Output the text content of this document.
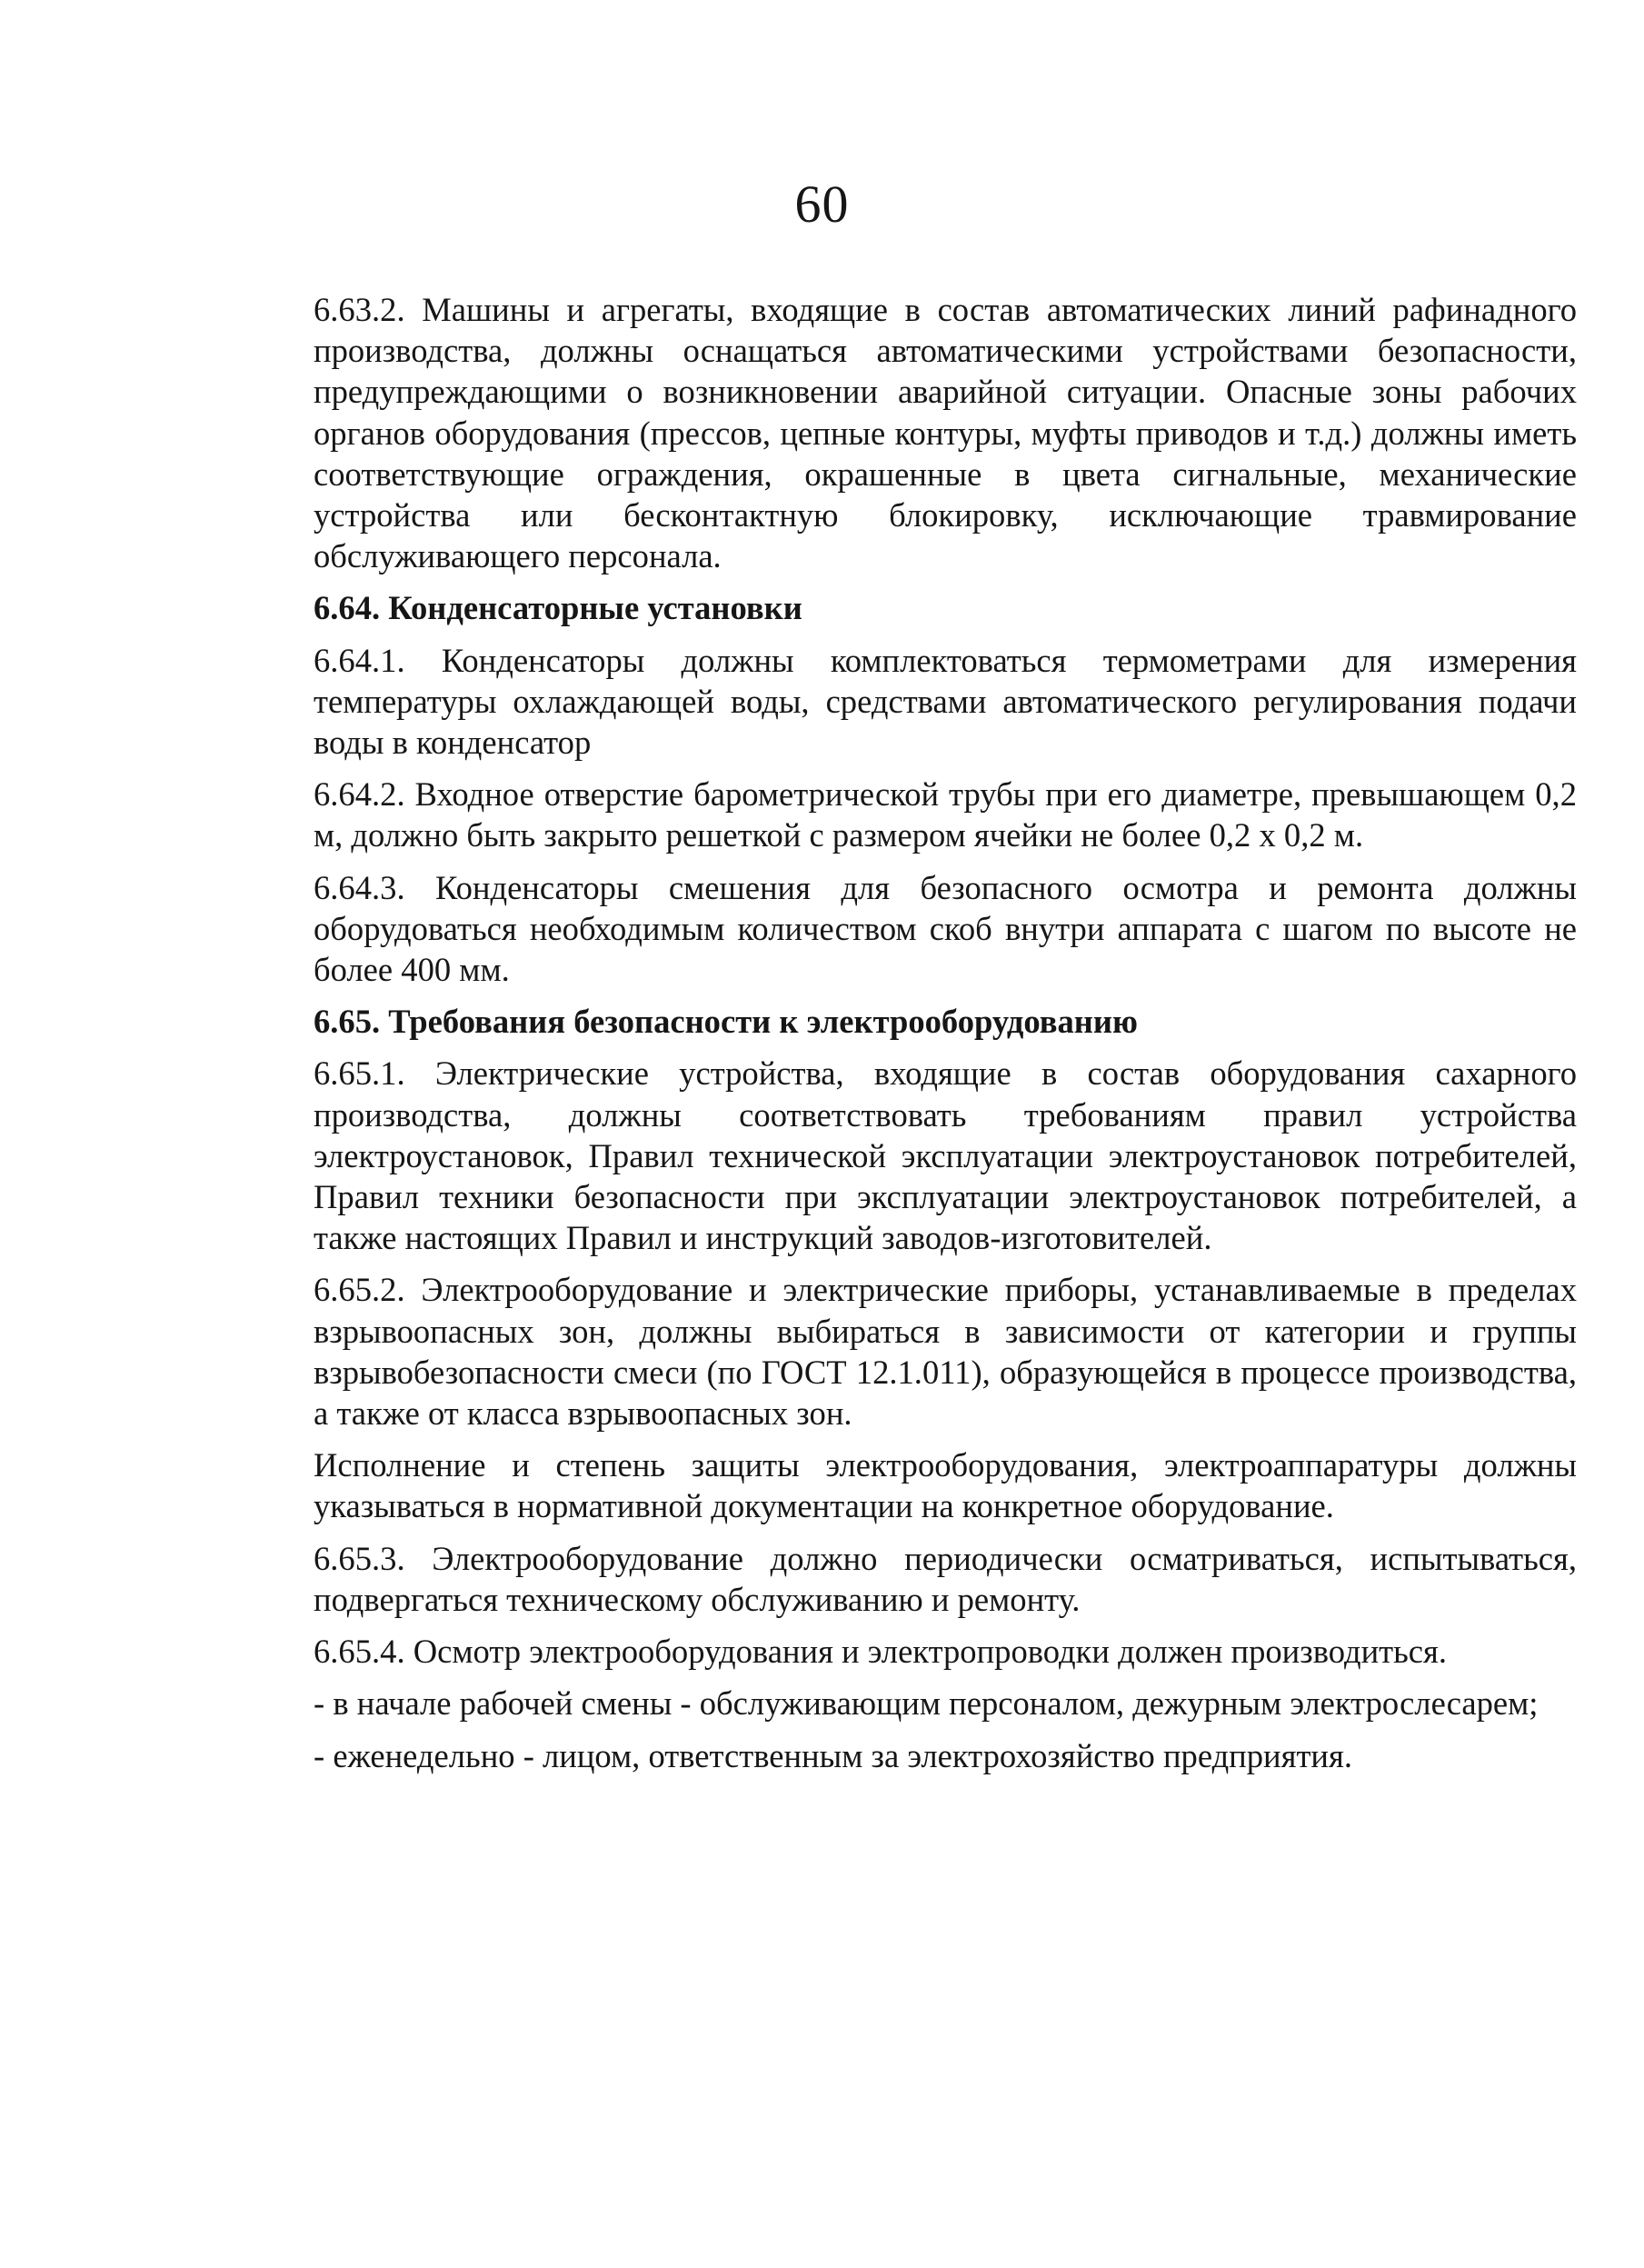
60

6.63.2. Машины и агрегаты, входящие в состав автоматических линий рафинадного производства, должны оснащаться автоматическими устройствами безопасности, предупреждающими о возникновении аварийной ситуации. Опасные зоны рабочих органов оборудования (прессов, цепные контуры, муфты приводов и т.д.) должны иметь соответствующие ограждения, окрашенные в цвета сигнальные, механические устройства или бесконтактную блокировку, исключающие травмирование обслуживающего персонала.

6.64. Конденсаторные установки

6.64.1. Конденсаторы должны комплектоваться термометрами для измерения температуры охлаждающей воды, средствами автоматического регулирования подачи воды в конденсатор

6.64.2. Входное отверстие барометрической трубы при его диаметре, превышающем 0,2 м, должно быть закрыто решеткой с размером ячейки не более 0,2 х 0,2 м.

6.64.3. Конденсаторы смешения для безопасного осмотра и ремонта должны оборудоваться необходимым количеством скоб внутри аппарата с шагом по высоте не более 400 мм.

6.65. Требования безопасности к электрооборудованию

6.65.1. Электрические устройства, входящие в состав оборудования сахарного производства, должны соответствовать требованиям правил устройства электроустановок, Правил технической эксплуатации электроустановок потребителей, Правил техники безопасности при эксплуатации электроустановок потребителей, а также настоящих Правил и инструкций заводов-изготовителей.

6.65.2. Электрооборудование и электрические приборы, устанавливаемые в пределах взрывоопасных зон, должны выбираться в зависимости от категории и группы взрывобезопасности смеси (по ГОСТ 12.1.011), образующейся в процессе производства, а также от класса взрывоопасных зон.

Исполнение и степень защиты электрооборудования, электроаппаратуры должны указываться в нормативной документации на конкретное оборудование.

6.65.3. Электрооборудование должно периодически осматриваться, испытываться, подвергаться техническому обслуживанию и ремонту.

6.65.4. Осмотр электрооборудования и электропроводки должен производиться.

- в начале рабочей смены - обслуживающим персоналом, дежурным электрослесарем;

- еженедельно - лицом, ответственным за электрохозяйство предприятия.
